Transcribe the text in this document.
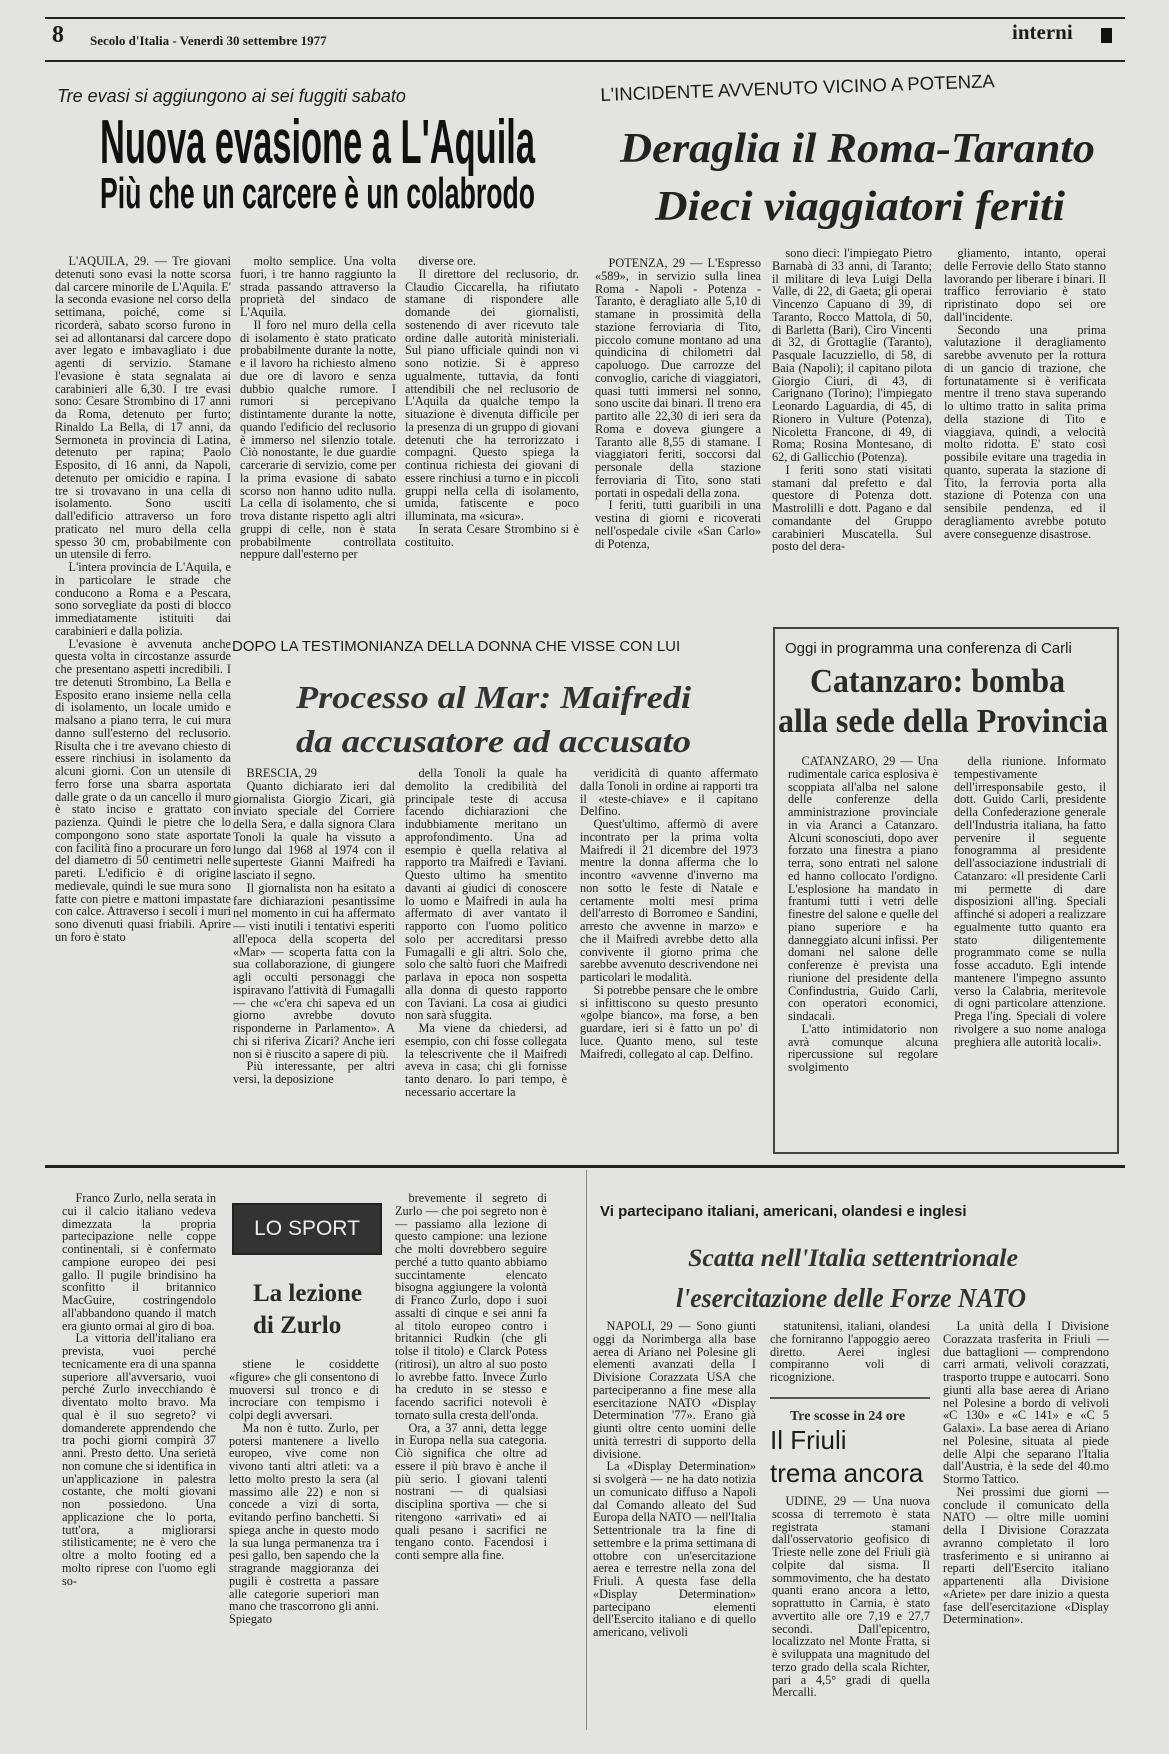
8 Secolo d'Italia - Venerdì 30 settembre 1977	interni
Tre evasi si aggiungono ai sei fuggiti sabato
Nuova evasione a L'Aquila
Più che un carcere è un colabrodo

L'AQUILA, 29. — Tre giovani detenuti sono evasi la notte scorsa dal carcere minorile de L'Aquila. E' la seconda evasione nel corso della settimana, poiché, come si ricorderà, sabato scorso furono in sei ad allontanarsi dal carcere dopo aver legato e imbavagliato i due agenti di servizio. Stamane l'evasione è stata segnalata ai carabinieri alle 6,30. I tre evasi sono: Cesare Strombino di 17 anni da Roma, detenuto per furto; Rinaldo La Bella, di 17 anni, da Sermoneta in provincia di Latina, detenuto per rapina; Paolo Esposito, di 16 anni, da Napoli, detenuto per omicidio e rapina. I tre si trovavano in una cella di isolamento. Sono usciti dall'edificio attraverso un foro praticato nel muro della cella spesso 30 cm, probabilmente con un utensile di ferro.

L'intera provincia de L'Aquila, e in particolare le strade che conducono a Roma e a Pescara, sono sorvegliate da posti di blocco immediatamente istituiti dai carabinieri e dalla polizia.

L'evasione è avvenuta anche questa volta in circostanze assurde che presentano aspetti incredibili. I tre detenuti Strombino, La Bella e Esposito erano insieme nella cella di isolamento, un locale umido e malsano a piano terra, le cui mura danno sull'esterno del reclusorio. Risulta che i tre avevano chiesto di essere rinchiusi in isolamento da alcuni giorni. Con un utensile di ferro forse una sbarra asportata dalle grate o da un cancello il muro è stato inciso e grattato con pazienza. Quindi le pietre che lo compongono sono state asportate con facilità fino a procurare un foro del diametro di 50 centimetri nelle pareti. L'edificio è di origine medievale, quindi le sue mura sono fatte con pietre e mattoni impastate con calce. Attraverso i secoli i muri sono divenuti quasi friabili. Aprire un foro è stato

molto semplice. Una volta fuori, i tre hanno raggiunto la strada passando attraverso la proprietà del sindaco de L'Aquila.

Il foro nel muro della cella di isolamento è stato praticato probabilmente durante la notte, e il lavoro ha richiesto almeno due ore di lavoro e senza dubbio qualche rumore. I rumori si percepivano distintamente durante la notte, quando l'edificio del reclusorio è immerso nel silenzio totale. Ciò nonostante, le due guardie carcerarie di servizio, come per la prima evasione di sabato scorso non hanno udito nulla. La cella di isolamento, che si trova distante rispetto agli altri gruppi di celle, non è stata probabilmente controllata neppure dall'esterno per

diverse ore.

Il direttore del reclusorio, dr. Claudio Ciccarella, ha rifiutato stamane di rispondere alle domande dei giornalisti, sostenendo di aver ricevuto tale ordine dalle autorità ministeriali. Sul piano ufficiale quindi non vi sono notizie. Si è appreso ugualmente, tuttavia, da fonti attendibili che nel reclusorio de L'Aquila da qualche tempo la situazione è divenuta difficile per la presenza di un gruppo di giovani detenuti che ha terrorizzato i compagni. Questo spiega la continua richiesta dei giovani di essere rinchiusi a turno e in piccoli gruppi nella cella di isolamento, umida, fatiscente e poco illuminata, ma «sicura».

In serata Cesare Strombino si è costituito.

L'INCIDENTE AVVENUTO VICINO A POTENZA
Deraglia il Roma-Taranto
Dieci viaggiatori feriti

POTENZA, 29 — L'Espresso «589», in servizio sulla linea Roma - Napoli - Potenza - Taranto, è deragliato alle 5,10 di stamane in prossimità della stazione ferroviaria di Tito, piccolo comune montano ad una quindicina di chilometri dal capoluogo. Due carrozze del convoglio, cariche di viaggiatori, quasi tutti immersi nel sonno, sono uscite dai binari. Il treno era partito alle 22,30 di ieri sera da Roma e doveva giungere a Taranto alle 8,55 di stamane. I viaggiatori feriti, soccorsi dal personale della stazione ferroviaria di Tito, sono stati portati in ospedali della zona.

I feriti, tutti guaribili in una vestina di giorni e ricoverati nell'ospedale civile «San Carlo» di Potenza,

sono dieci: l'impiegato Pietro Barnabà di 33 anni, di Taranto; il militare di leva Luigi Della Valle, di 22, di Gaeta; gli operai Vincenzo Capuano di 39, di Taranto, Rocco Mattola, di 50, di Barletta (Bari), Ciro Vincenti di 32, di Grottaglie (Taranto), Pasquale Iacuzziello, di 58, di Baia (Napoli); il capitano pilota Giorgio Ciuri, di 43, di Carignano (Torino); l'impiegato Leonardo Laguardia, di 45, di Rionero in Vulture (Potenza), Nicoletta Francone, di 49, di Roma; Rosina Montesano, di 62, di Gallicchio (Potenza).

I feriti sono stati visitati stamani dal prefetto e dal questore di Potenza dott. Mastrolilli e dott. Pagano e dal comandante del Gruppo carabinieri Muscatella. Sul posto del dera-

gliamento, intanto, operai delle Ferrovie dello Stato stanno lavorando per liberare i binari. Il traffico ferroviario è stato ripristinato dopo sei ore dall'incidente.

Secondo una prima valutazione il deragliamento sarebbe avvenuto per la rottura di un gancio di trazione, che fortunatamente si è verificata mentre il treno stava superando lo ultimo tratto in salita prima della stazione di Tito e viaggiava, quindi, a velocità molto ridotta. E' stato così possibile evitare una tragedia in quanto, superata la stazione di Tito, la ferrovia porta alla stazione di Potenza con una sensibile pendenza, ed il deragliamento avrebbe potuto avere conseguenze disastrose.

DOPO LA TESTIMONIANZA DELLA DONNA CHE VISSE CON LUI
Processo al Mar: Maifredi
da accusatore ad accusato

BRESCIA, 29

Quanto dichiarato ieri dal giornalista Giorgio Zicari, già inviato speciale del Corriere della Sera, e dalla signora Clara Tonoli la quale ha vissuto a lungo dal 1968 al 1974 con il superteste Gianni Maifredi ha lasciato il segno.

Il giornalista non ha esitato a fare dichiarazioni pesantissime nel momento in cui ha affermato — visti inutili i tentativi esperiti all'epoca della scoperta del «Mar» — scoperta fatta con la sua collaborazione, di giungere agli occulti personaggi che ispiravano l'attività di Fumagalli — che «c'era chi sapeva ed un giorno avrebbe dovuto risponderne in Parlamento». A chi si riferiva Zicari? Anche ieri non si è riuscito a sapere di più.

Più interessante, per altri versi, la deposizione

della Tonoli la quale ha demolito la credibilità del principale teste di accusa facendo dichiarazioni che indubbiamente meritano un approfondimento. Una ad esempio è quella relativa al rapporto tra Maifredi e Taviani. Questo ultimo ha smentito davanti ai giudici di conoscere lo uomo e Maifredi in aula ha affermato di aver vantato il rapporto con l'uomo politico solo per accreditarsi presso Fumagalli e gli altri. Solo che, solo che saltò fuori che Maifredi parlava in epoca non sospetta alla donna di questo rapporto con Taviani. La cosa ai giudici non sarà sfuggita.

Ma viene da chiedersi, ad esempio, con chi fosse collegata la telescrivente che il Maifredi aveva in casa; chi gli fornisse tanto denaro. Io pari tempo, è necessario accertare la

veridicità di quanto affermato dalla Tonoli in ordine ai rapporti tra il «teste-chiave» e il capitano Delfino.

Quest'ultimo, affermò di avere incontrato per la prima volta Maifredi il 21 dicembre del 1973 mentre la donna afferma che lo incontro «avvenne d'inverno ma non sotto le feste di Natale e certamente molti mesi prima dell'arresto di Borromeo e Sandini, arresto che avvenne in marzo» e che il Maifredi avrebbe detto alla convivente il giorno prima che sarebbe avvenuto descrivendone nei particolari le modalità.

Si potrebbe pensare che le ombre si infittiscono su questo presunto «golpe bianco», ma forse, a ben guardare, ieri si è fatto un po' di luce. Quanto meno, sul teste Maifredi, collegato al cap. Delfino.

Oggi in programma una conferenza di Carli
Catanzaro: bomba
alla sede della Provincia

CATANZARO, 29 — Una rudimentale carica esplosiva è scoppiata all'alba nel salone delle conferenze della amministrazione provinciale in via Aranci a Catanzaro. Alcuni sconosciuti, dopo aver forzato una finestra a piano terra, sono entrati nel salone ed hanno collocato l'ordigno. L'esplosione ha mandato in frantumi tutti i vetri delle finestre del salone e quelle del piano superiore e ha danneggiato alcuni infissi. Per domani nel salone delle conferenze è prevista una riunione del presidente della Confindustria, Guido Carli, con operatori economici, sindacali.

L'atto intimidatorio non avrà comunque alcuna ripercussione sul regolare svolgimento

della riunione. Informato tempestivamente dell'irresponsabile gesto, il dott. Guido Carli, presidente della Confederazione generale dell'Industria italiana, ha fatto pervenire il seguente fonogramma al presidente dell'associazione industriali di Catanzaro: «Il presidente Carli mi permette di dare disposizioni all'ing. Speciali affinché si adoperi a realizzare egualmente tutto quanto era stato diligentemente programmato come se nulla fosse accaduto. Egli intende mantenere l'impegno assunto verso la Calabria, meritevole di ogni particolare attenzione. Prega l'ing. Speciali di volere rivolgere a suo nome analoga preghiera alle autorità locali».

Franco Zurlo, nella serata in cui il calcio italiano vedeva dimezzata la propria partecipazione nelle coppe continentali, si è confermato campione europeo dei pesi gallo. Il pugile brindisino ha sconfitto il britannico MacGuire, costringendolo all'abbandono quando il match era giunto ormai al giro di boa.

La vittoria dell'italiano era prevista, vuoi perché tecnicamente era di una spanna superiore all'avversario, vuoi perché Zurlo invecchiando è diventato molto bravo. Ma qual è il suo segreto? vi domanderete apprendendo che tra pochi giorni compirà 37 anni. Presto detto. Una serietà non comune che si identifica in un'applicazione in palestra costante, che molti giovani non possiedono. Una applicazione che lo porta, tutt'ora, a migliorarsi stilisticamente; ne è vero che oltre a molto footing ed a molto riprese con l'uomo egli so-

LO SPORT
La lezione
di Zurlo

stiene le cosiddette «figure» che gli consentono di muoversi sul tronco e di incrociare con tempismo i colpi degli avversari.

Ma non è tutto. Zurlo, per potersi mantenere a livello europeo, vive come non vivono tanti altri atleti: va a letto molto presto la sera (al massimo alle 22) e non si concede a vizi di sorta, evitando perfino banchetti. Si spiega anche in questo modo la sua lunga permanenza tra i pesi gallo, ben sapendo che la stragrande maggioranza dei pugili è costretta a passare alle categorie superiori man mano che trascorrono gli anni. Spiegato

brevemente il segreto di Zurlo — che poi segreto non è — passiamo alla lezione di questo campione: una lezione che molti dovrebbero seguire perché a tutto quanto abbiamo succintamente elencato bisogna aggiungere la volontà di Franco Zurlo, dopo i suoi assalti di cinque e sei anni fa al titolo europeo contro i britannici Rudkin (che gli tolse il titolo) e Clarck Potess (ritirosi), un altro al suo posto lo avrebbe fatto. Invece Zurlo ha creduto in se stesso e facendo sacrifici notevoli è tornato sulla cresta dell'onda.

Ora, a 37 anni, detta legge in Europa nella sua categoria. Ciò significa che oltre ad essere il più bravo è anche il più serio. I giovani talenti nostrani — di qualsiasi disciplina sportiva — che si ritengono «arrivati» ed ai quali pesano i sacrifici ne tengano conto. Facendosi i conti sempre alla fine.

Vi partecipano italiani, americani, olandesi e inglesi
Scatta nell'Italia settentrionale
l'esercitazione delle Forze NATO

NAPOLI, 29 — Sono giunti oggi da Norimberga alla base aerea di Ariano nel Polesine gli elementi avanzati della I Divisione Corazzata USA che parteciperanno a fine mese alla esercitazione NATO «Display Determination '77». Erano già giunti oltre cento uomini delle unità terrestri di supporto della divisione.

La «Display Determination» si svolgerà — ne ha dato notizia un comunicato diffuso a Napoli dal Comando alleato del Sud Europa della NATO — nell'Italia Settentrionale tra la fine di settembre e la prima settimana di ottobre con un'esercitazione aerea e terrestre nella zona del Friuli. A questa fase della «Display Determination» partecipano elementi dell'Esercito italiano e di quello americano, velivoli

statunitensi, italiani, olandesi che forniranno l'appoggio aereo diretto. Aerei inglesi compiranno voli di ricognizione.

La unità della I Divisione Corazzata trasferita in Friuli — due battaglioni — comprendono carri armati, velivoli corazzati, trasporto truppe e autocarri. Sono giunti alla base aerea di Ariano nel Polesine a bordo di velivoli «C 130» e «C 141» e «C 5 Galaxi». La base aerea di Ariano nel Polesine, situata al piede delle Alpi che separano l'Italia dall'Austria, è la sede del 40.mo Stormo Tattico.

Nei prossimi due giorni — conclude il comunicato della NATO — oltre mille uomini della I Divisione Corazzata avranno completato il loro trasferimento e si uniranno ai reparti dell'Esercito italiano appartenenti alla Divisione «Ariete» per dare inizio a questa fase dell'esercitazione «Display Determination».

Tre scosse in 24 ore
Il Friuli
trema ancora

UDINE, 29 — Una nuova scossa di terremoto è stata registrata stamani dall'osservatorio geofisico di Trieste nelle zone del Friuli già colpite dal sisma. Il sommovimento, che ha destato quanti erano ancora a letto, soprattutto in Carnia, è stato avvertito alle ore 7,19 e 27,7 secondi. Dall'epicentro, localizzato nel Monte Fratta, si è sviluppata una magnitudo del terzo grado della scala Richter, pari a 4,5° gradi di quella Mercalli.
